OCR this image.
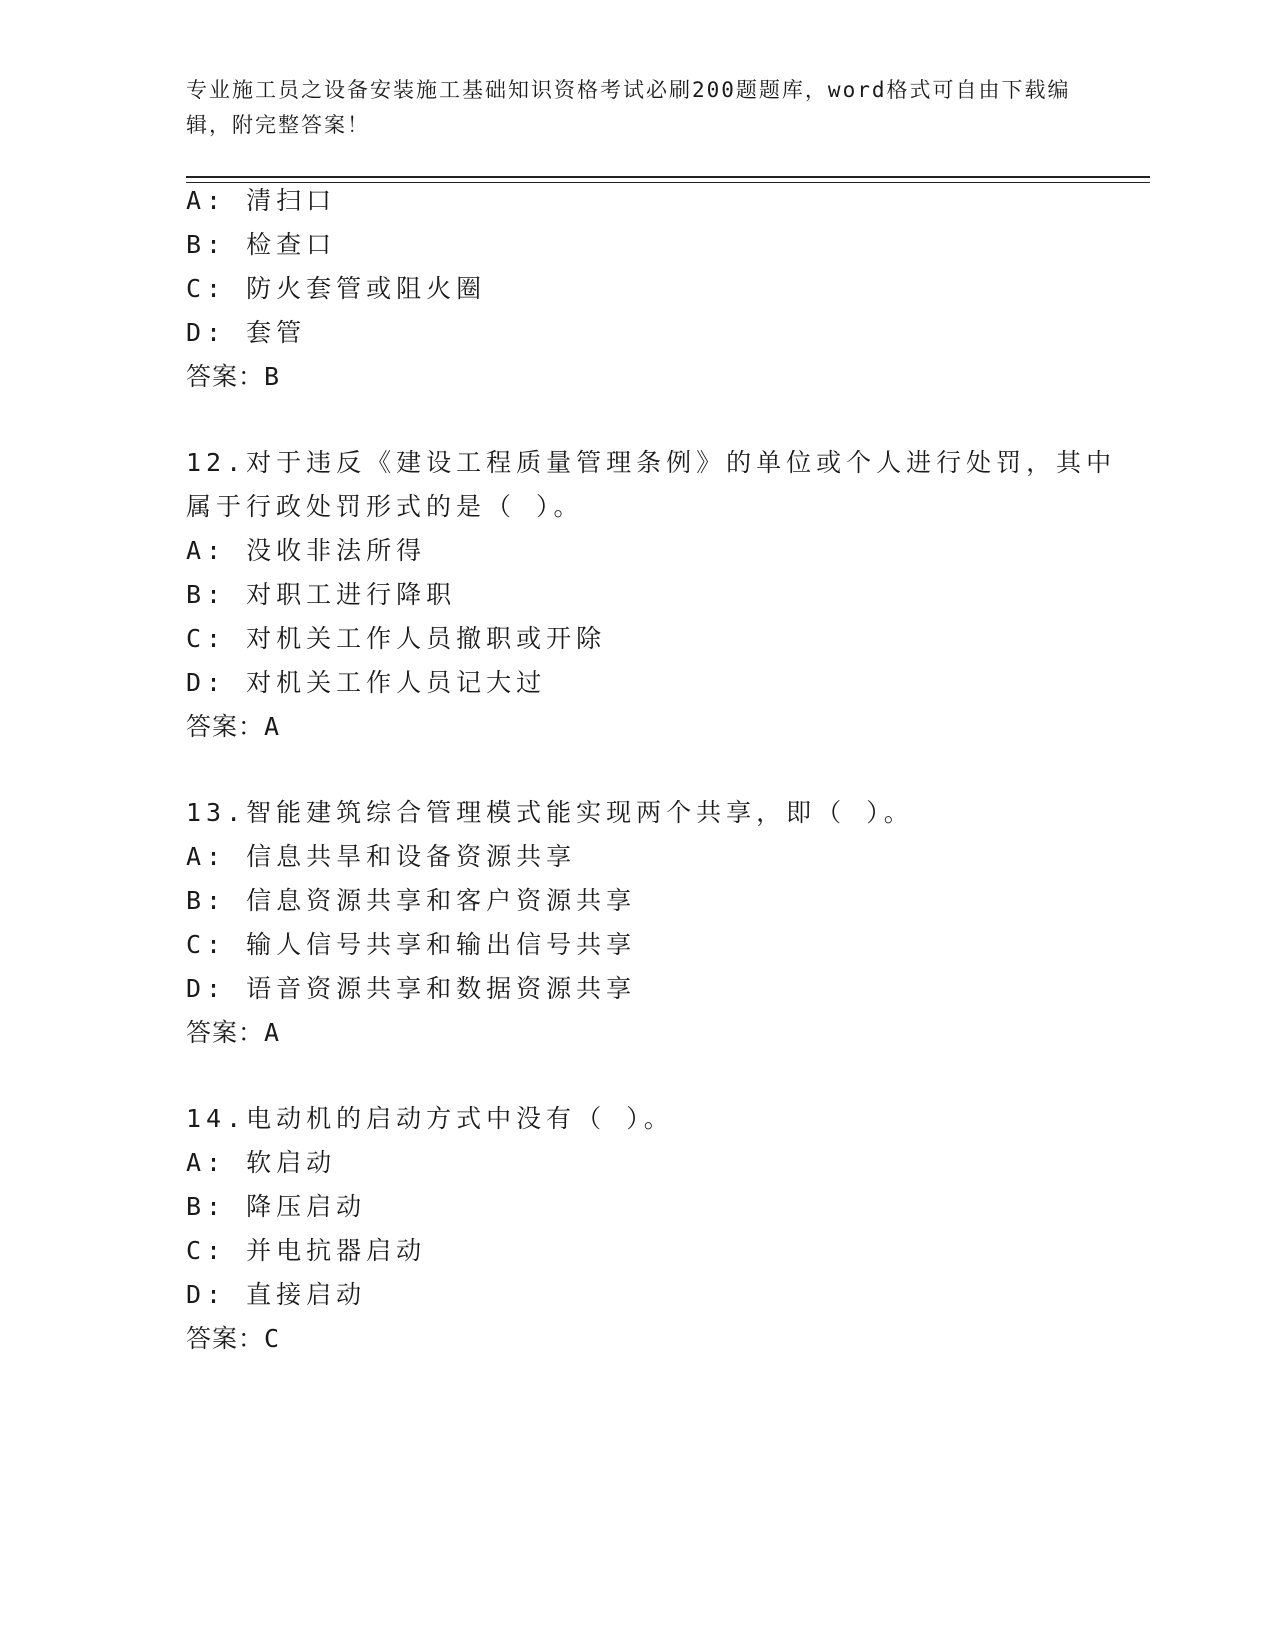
专业施工员之设备安装施工基础知识资格考试必刷200题题库，word格式可自由下载编辑，附完整答案！
A: 清扫口
B: 检查口
C: 防火套管或阻火圈
D: 套管
答案：B
12.对于违反《建设工程质量管理条例》的单位或个人进行处罚，其中
属于行政处罚形式的是（ ）。
A: 没收非法所得
B: 对职工进行降职
C: 对机关工作人员撤职或开除
D: 对机关工作人员记大过
答案：A
13.智能建筑综合管理模式能实现两个共享，即（ ）。
A: 信息共旱和设备资源共享
B: 信息资源共享和客户资源共享
C: 输人信号共享和输出信号共享
D: 语音资源共享和数据资源共享
答案：A
14.电动机的启动方式中没有（ ）。
A: 软启动
B: 降压启动
C: 并电抗器启动
D: 直接启动
答案：C
